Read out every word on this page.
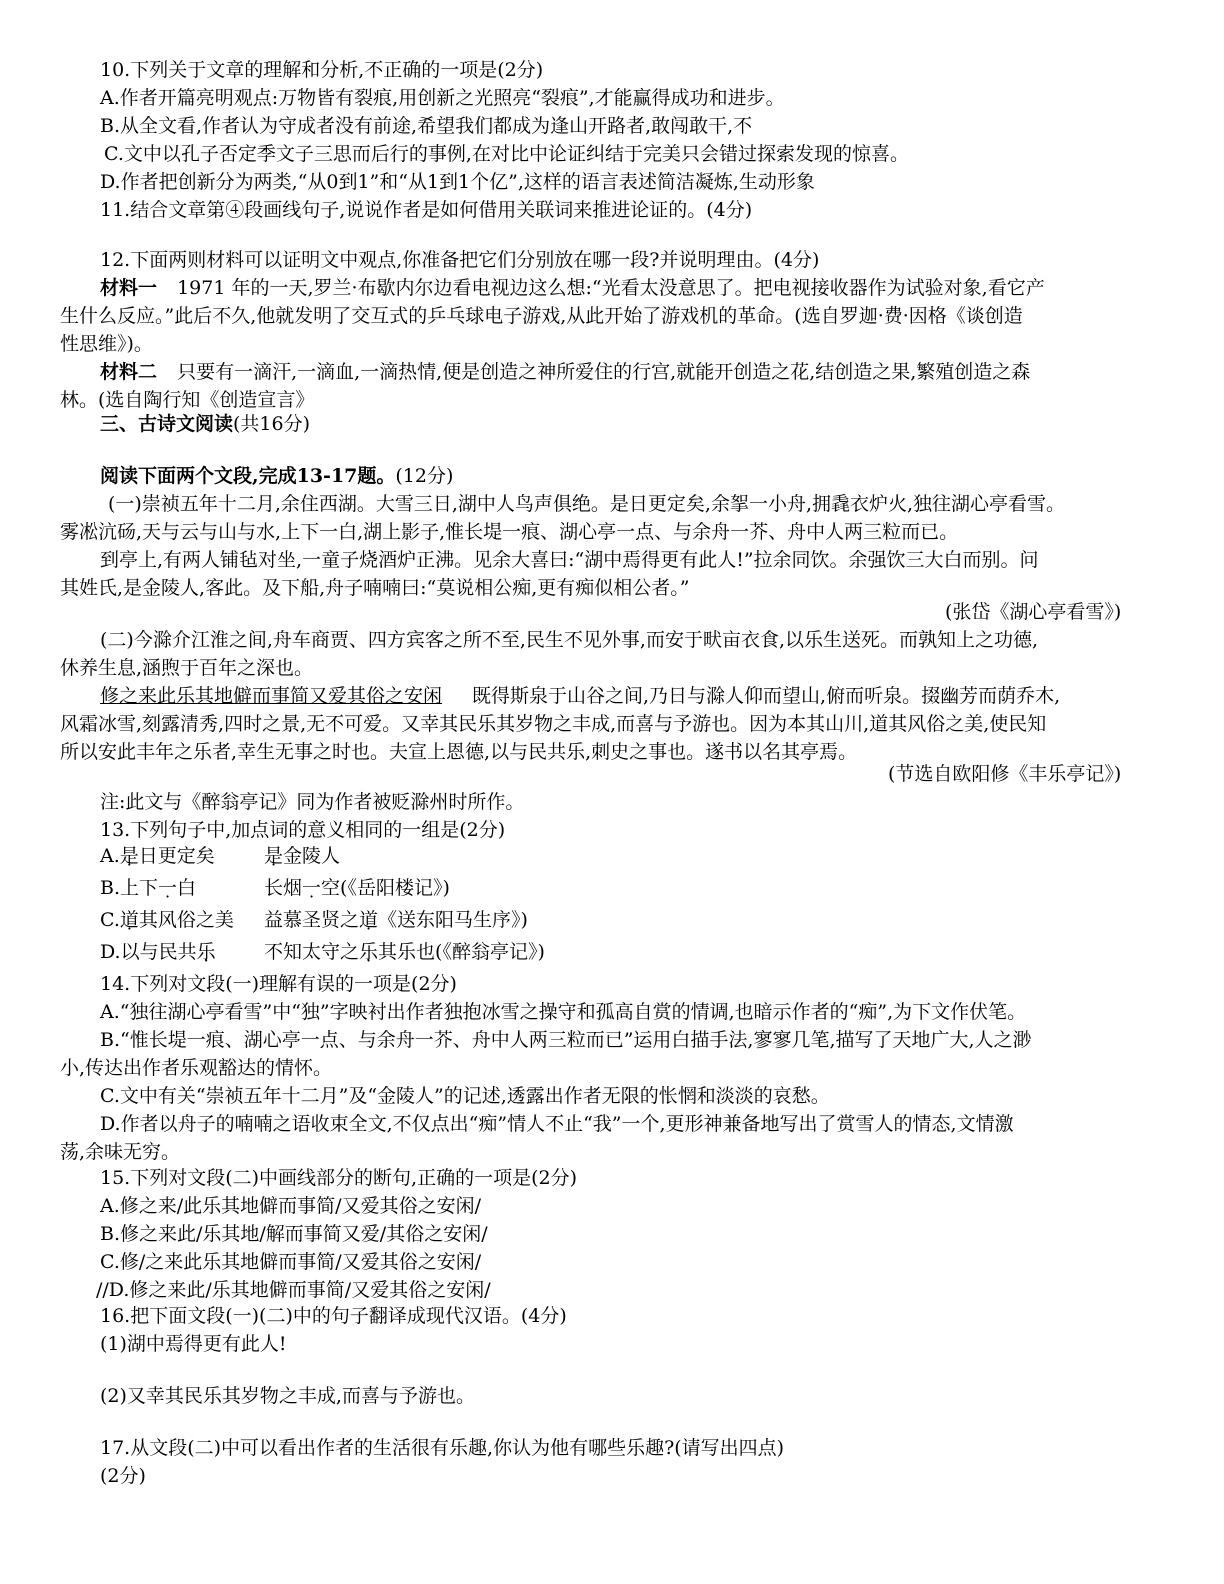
10.下列关于文章的理解和分析,不正确的一项是(2分)
A.作者开篇亮明观点:万物皆有裂痕,用创新之光照亮“裂痕”,才能赢得成功和进步。
B.从全文看,作者认为守成者没有前途,希望我们都成为逢山开路者,敢闯敢干,不
C.文中以孔子否定季文子三思而后行的事例,在对比中论证纠结于完美只会错过探索发现的惊喜。
D.作者把创新分为两类,“从0到1”和“从1到1个亿”,这样的语言表述简洁凝炼,生动形象
11.结合文章第④段画线句子,说说作者是如何借用关联词来推进论证的。(4分)
12.下面两则材料可以证明文中观点,你准备把它们分别放在哪一段?并说明理由。(4分)
材料一 1971 年的一天,罗兰·布歇内尔边看电视边这么想:“光看太没意思了。把电视接收器作为试验对象,看它产
生什么反应。”此后不久,他就发明了交互式的乒乓球电子游戏,从此开始了游戏机的革命。(选自罗迦·费·因格《谈创造
性思维》)。
材料二 只要有一滴汗,一滴血,一滴热情,便是创造之神所爱住的行宫,就能开创造之花,结创造之果,繁殖创造之森
林。(选自陶行知《创造宣言》
三、古诗文阅读(共16分)
阅读下面两个文段,完成13-17题。(12分)
(一)崇祯五年十二月,余住西湖。大雪三日,湖中人鸟声俱绝。是日更定矣,余挐一小舟,拥毳衣炉火,独往湖心亭看雪。
雾凇沆砀,天与云与山与水,上下一白,湖上影子,惟长堤一痕、湖心亭一点、与余舟一芥、舟中人两三粒而已。
到亭上,有两人铺毡对坐,一童子烧酒炉正沸。见余大喜曰:“湖中焉得更有此人!”拉余同饮。余强饮三大白而别。问
其姓氏,是金陵人,客此。及下船,舟子喃喃曰:“莫说相公痴,更有痴似相公者。”
(张岱《湖心亭看雪》)
(二)今滁介江淮之间,舟车商贾、四方宾客之所不至,民生不见外事,而安于畎亩衣食,以乐生送死。而孰知上之功德,
休养生息,涵煦于百年之深也。
修之来此乐其地僻而事简又爱其俗之安闲 既得斯泉于山谷之间,乃日与滁人仰而望山,俯而听泉。掇幽芳而荫乔木,
风霜冰雪,刻露清秀,四时之景,无不可爱。又幸其民乐其岁物之丰成,而喜与予游也。因为本其山川,道其风俗之美,使民知
所以安此丰年之乐者,幸生无事之时也。夫宣上恩德,以与民共乐,刺史之事也。遂书以名其亭焉。
(节选自欧阳修《丰乐亭记》)
注:此文与《醉翁亭记》同为作者被贬滁州时所作。
13.下列句子中,加点词的意义相同的一组是(2分)
A.是日更定矣	是金陵人
B.上下一白	长烟一空(《岳阳楼记》)
C.道其风俗之美 益慕圣贤之道《送东阳马生序》)
D.以与民共乐	不知太守之乐其乐也(《醉翁亭记》)
14.下列对文段(一)理解有误的一项是(2分)
A.“独往湖心亭看雪”中“独”字映衬出作者独抱冰雪之操守和孤高自赏的情调,也暗示作者的“痴”,为下文作伏笔。
B.“惟长堤一痕、湖心亭一点、与余舟一芥、舟中人两三粒而已”运用白描手法,寥寥几笔,描写了天地广大,人之渺
小,传达出作者乐观豁达的情怀。
C.文中有关“崇祯五年十二月”及“金陵人”的记述,透露出作者无限的怅惘和淡淡的哀愁。
D.作者以舟子的喃喃之语收束全文,不仅点出“痴”情人不止“我”一个,更形神兼备地写出了赏雪人的情态,文情激
荡,余味无穷。
15.下列对文段(二)中画线部分的断句,正确的一项是(2分)
A.修之来/此乐其地僻而事简/又爱其俗之安闲/
B.修之来此/乐其地/解而事简又爱/其俗之安闲/
C.修/之来此乐其地僻而事简/又爱其俗之安闲/
//D.修之来此/乐其地僻而事简/又爱其俗之安闲/
16.把下面文段(一)(二)中的句子翻译成现代汉语。(4分)
(1)湖中焉得更有此人!
(2)又幸其民乐其岁物之丰成,而喜与予游也。
17.从文段(二)中可以看出作者的生活很有乐趣,你认为他有哪些乐趣?(请写出四点)
(2分)
